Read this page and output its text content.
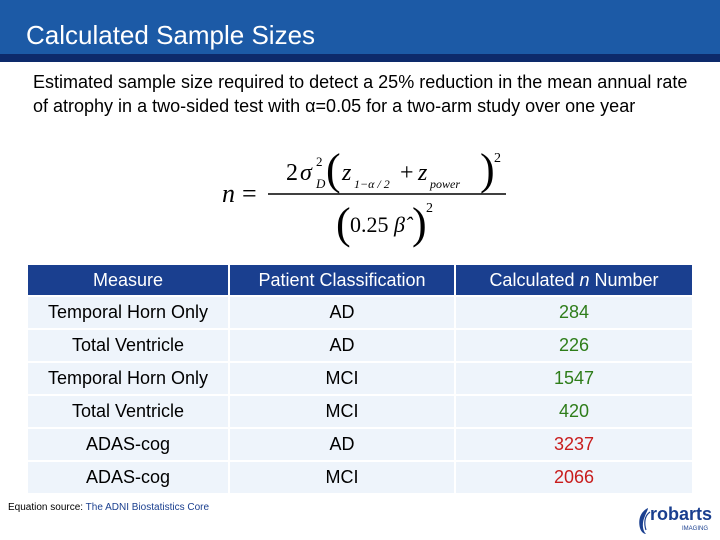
Calculated Sample Sizes
Estimated sample size required to detect a 25% reduction in the mean annual rate of atrophy in a two-sided test with α=0.05 for a two-arm study over one year
n =
2 σ 2
D ( z 1−α / 2 + z power ) 2
( 0.25 β̂ ) 2
Measure	Patient Classification	Calculated n Number
Temporal Horn Only	AD	284
Total Ventricle	AD	226
Temporal Horn Only	MCI	1547
Total Ventricle	MCI	420
ADAS-cog	AD	3237
ADAS-cog	MCI	2066
Equation source: The ADNI Biostatistics Core	robarts
IMAGING
